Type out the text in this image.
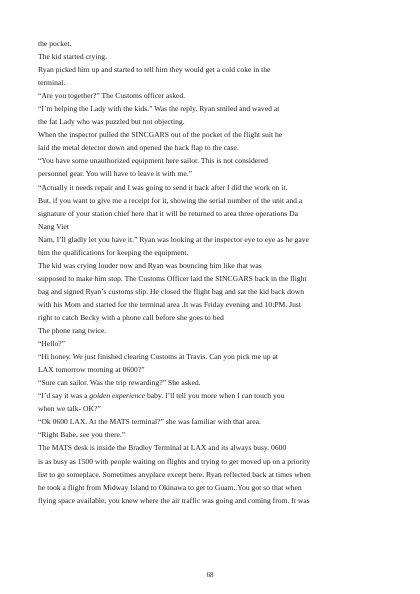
the pocket.
The kid started crying.
Ryan picked him up and started to tell him they would get a cold coke in the
terminal.
“Are you together?” The Customs officer asked.
“I’m helping the Lady with the kids.” Was the reply. Ryan smiled and waved at
the fat Lady who was puzzled but not objecting.
When the inspector pulled the SINCGARS out of the pocket of the flight suit he
laid the metal detector down and opened the back flap to the case.
“You have some unauthorized equipment here sailor. This is not considered
personnel gear. You will have to leave it with me.”
“Actually it needs repair and I was going to send it back after I did the work on it.
But, if you want to give me a receipt for it, showing the serial number of the unit and a
signature of your station chief here that it will be returned to area three operations Da
Nang Viet
Nam, I’ll gladly let you have it.” Ryan was looking at the inspector eye to eye as he gave
him the qualifications for keeping the equipment.
The kid was crying louder now and Ryan was bouncing him like that was
supposed to make him stop. The Customs Officer laid the SINCGARS back in the flight
bag and signed Ryan’s customs slip. He closed the flight bag and sat the kid back down
with his Mom and started for the terminal area .It was Friday evening and 10:PM. Just
right to catch Becky with a phone call before she goes to bed
The phone rang twice.
“Hello?”
“Hi honey. We just finished clearing Customs at Travis. Can you pick me up at
LAX tomorrow morning at 0600?”
“Sure can sailor. Was the trip rewarding?” She asked.
“I’d say it was a golden experience baby. I’ll tell you more when I can touch you
when we talk- OK?”
“Ok 0600 LAX. At the MATS terminal?” she was familiar with that area.
“Right Babe, see you there.”
The MATS desk is inside the Bradley Terminal at LAX and its always busy. 0600
is as busy as 1500 with people waiting on flights and trying to get moved up on a priority
list to go someplace. Sometimes anyplace except here. Ryan reflected back at times when
he took a flight from Midway Island to Okinawa to get to Guam..You got so that when
flying space available, you knew where the air traffic was going and coming from. It was
68
